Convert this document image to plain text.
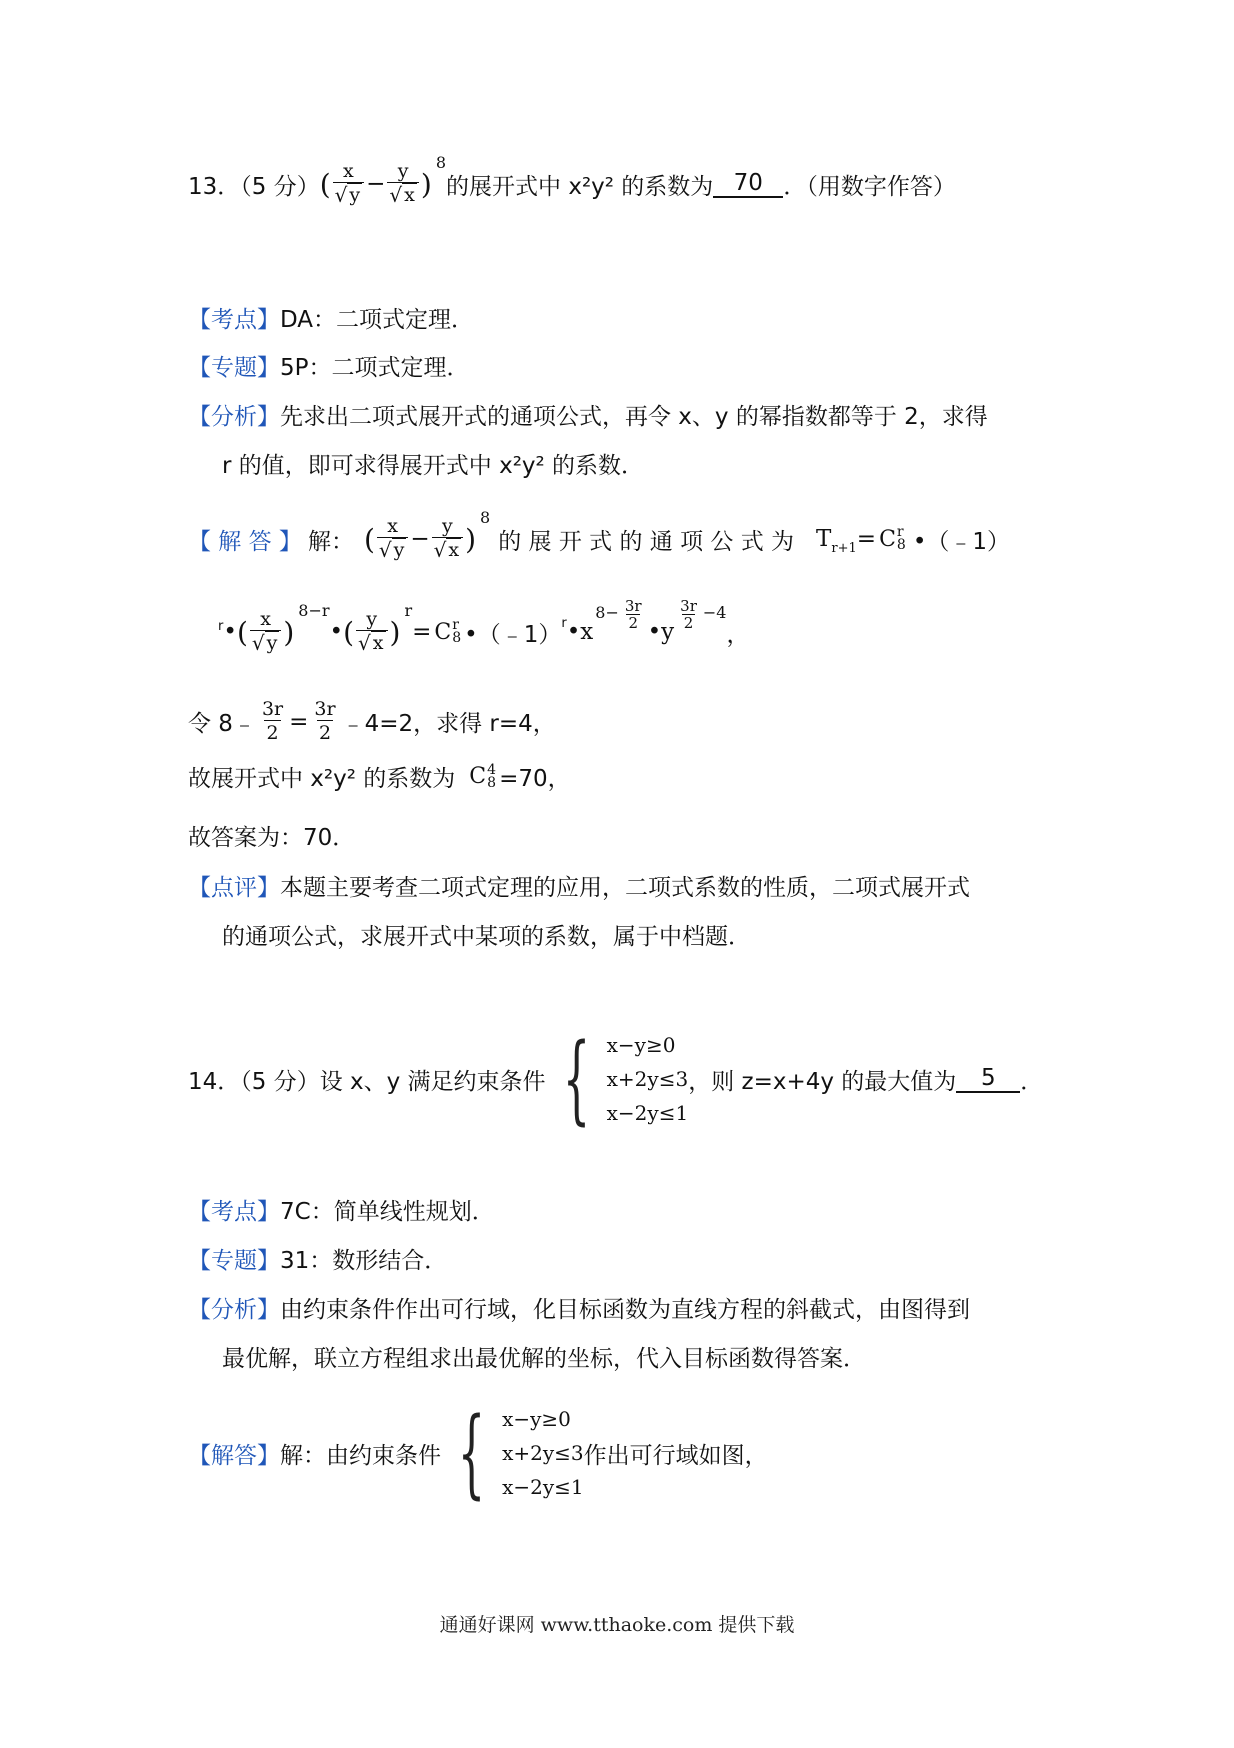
13．（5 分） ( $\frac{x}{√ y} - \frac{y}{√ x}$ )
8
的展开式中 x²y² 的系数为 70 ．（用数字作答）
【考点】DA：二项式定理．
【专题】5P：二项式定理．
【分析】先求出二项式展开式的通项公式，再令 x、y 的幂指数都等于 2，求得
r 的值，即可求得展开式中 x²y² 的系数．
【 解 答 】 解： ( $\frac{x}{√ y} - \frac{y}{√ x}$ )
8
的 展 开 式 的 通 项 公 式 为 $T_{r+1}= C$ r
8 •（﹣1）
r • ( $\frac{x}{√ y}$ )
8−r
• ( $\frac{y}{√ x}$ )
r
= C r
8 •（﹣1） r • x
$8- \frac{3r}{2}$
• y
$\frac{3r}{2} -4$
，
令 8﹣ $\frac{3r}{2} = \frac{3r}{2}$ ﹣4=2，求得 r=4，
故展开式中 x²y² 的系数为 C 4
8 =70，
故答案为：70．
【点评】本题主要考查二项式定理的应用，二项式系数的性质，二项式展开式
的通项公式，求展开式中某项的系数，属于中档题．
14．（5 分）设 x、y 满足约束条件 { x−y≥0
x+2y≤3
x−2y≤1
，则 z=x+4y 的最大值为	5	．
【考点】7C：简单线性规划．
【专题】31：数形结合．
【分析】由约束条件作出可行域，化目标函数为直线方程的斜截式，由图得到
最优解，联立方程组求出最优解的坐标，代入目标函数得答案．
【解答】 解：由约束条件 { x−y≥0
x+2y≤3
x−2y≤1
作出可行域如图，
通通好课网 www.tthaoke.com 提供下载
